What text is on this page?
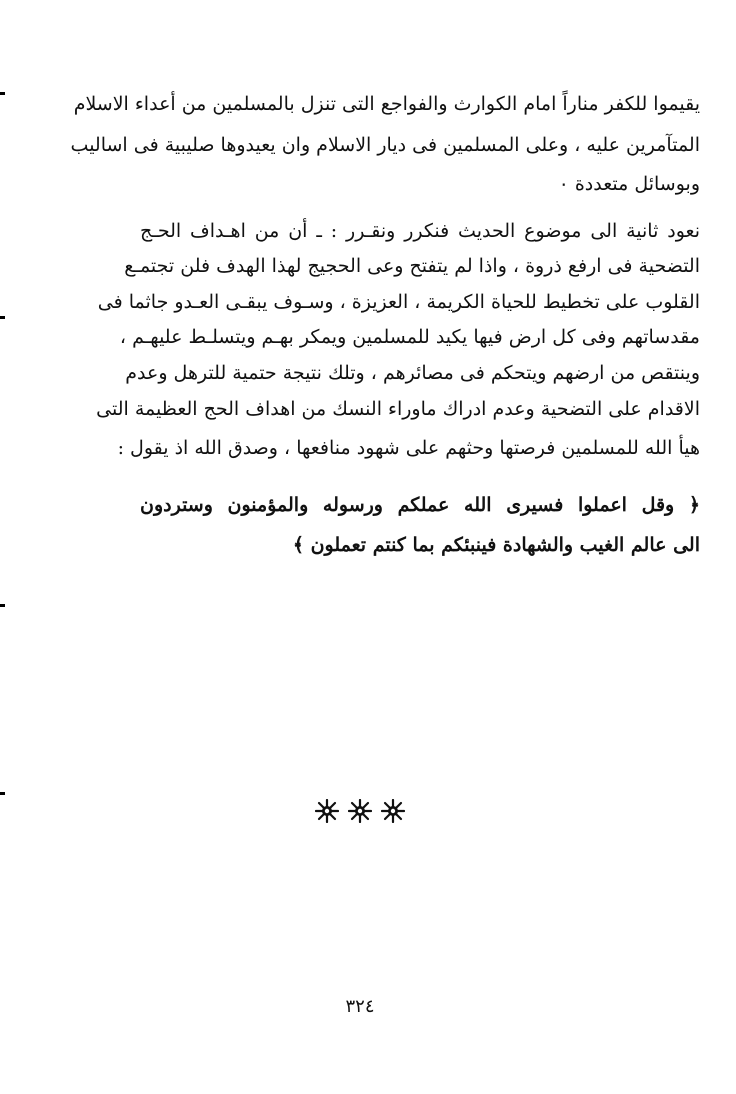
يقيموا للكفر مناراً امام الكوارث والفواجع التى تنزل بالمسلمين من أعداء الاسلام
المتآمرين عليه ، وعلى المسلمين فى ديار الاسلام وان يعيدوها صليبية فى اساليب
وبوسائل متعددة ٠
نعود ثانية الى موضوع الحديث فنكرر ونقـرر : ـ أن من اهـداف الحـج
التضحية فى ارفع ذروة ، واذا لم يتفتح وعى الحجيج لهذا الهدف فلن تجتمـع
القلوب على تخطيط للحياة الكريمة ، العزيزة ، وسـوف يبقـى العـدو جاثما فى
مقدساتهم وفى كل ارض فيها يكيد للمسلمين ويمكر بهـم ويتسلـط عليهـم ،
وينتقص من ارضهم ويتحكم فى مصائرهم ، وتلك نتيجة حتمية للترهل وعدم
الاقدام على التضحية وعدم ادراك ماوراء النسك من اهداف الحج العظيمة التى
هيأ الله للمسلمين فرصتها وحثهم على شهود منافعها ، وصدق الله اذ يقول :
﴿ وقل اعملوا فسيرى الله عملكم ورسوله والمؤمنون وستردون
الى عالم الغيب والشهادة فينبئكم بما كنتم تعملون ﴾
٣٢٤
